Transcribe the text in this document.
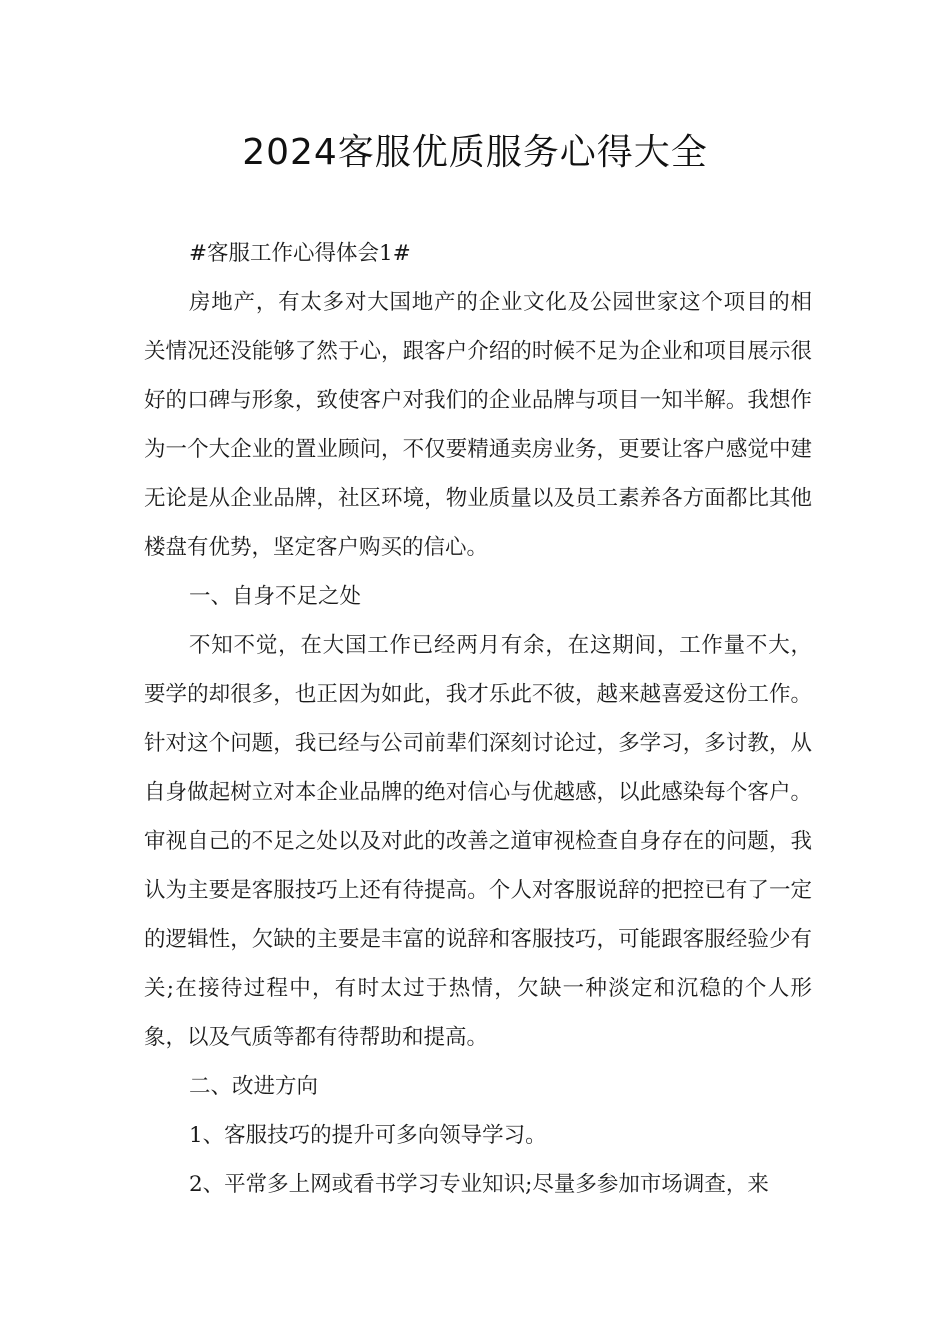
2024客服优质服务心得大全

#客服工作心得体会1#

房地产，有太多对大国地产的企业文化及公园世家这个项目的相关情况还没能够了然于心，跟客户介绍的时候不足为企业和项目展示很好的口碑与形象，致使客户对我们的企业品牌与项目一知半解。我想作为一个大企业的置业顾问，不仅要精通卖房业务，更要让客户感觉中建无论是从企业品牌，社区环境，物业质量以及员工素养各方面都比其他楼盘有优势，坚定客户购买的信心。

一、自身不足之处

不知不觉，在大国工作已经两月有余，在这期间，工作量不大，要学的却很多，也正因为如此，我才乐此不彼，越来越喜爱这份工作。针对这个问题，我已经与公司前辈们深刻讨论过，多学习，多讨教，从自身做起树立对本企业品牌的绝对信心与优越感，以此感染每个客户。审视自己的不足之处以及对此的改善之道审视检查自身存在的问题，我认为主要是客服技巧上还有待提高。个人对客服说辞的把控已有了一定的逻辑性，欠缺的主要是丰富的说辞和客服技巧，可能跟客服经验少有关;在接待过程中，有时太过于热情，欠缺一种淡定和沉稳的个人形象，以及气质等都有待帮助和提高。

二、改进方向

1、客服技巧的提升可多向领导学习。

2、平常多上网或看书学习专业知识;尽量多参加市场调查，来
